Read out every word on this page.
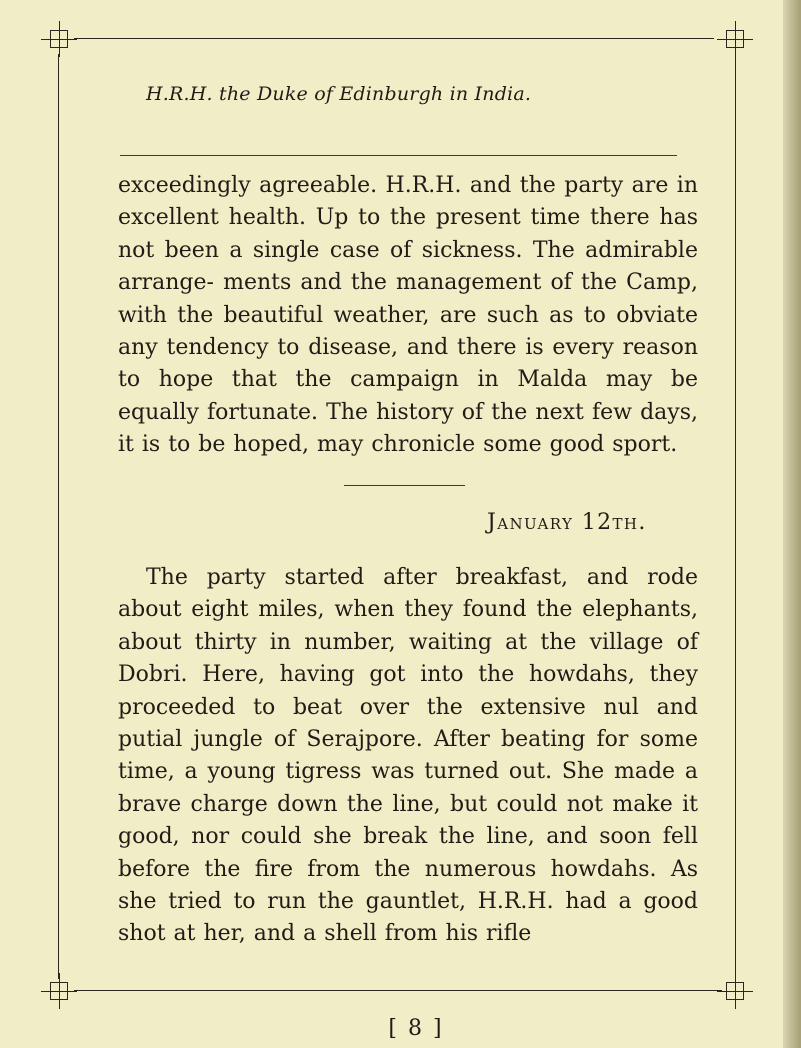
H.R.H. the Duke of Edinburgh in India.

exceedingly agreeable. H.R.H. and the party are in excellent health. Up to the present time there has not been a single case of sickness. The admirable arrange- ments and the management of the Camp, with the beautiful weather, are such as to obviate any tendency to disease, and there is every reason to hope that the campaign in Malda may be equally fortunate. The history of the next few days, it is to be hoped, may chronicle some good sport.

January 12th.

The party started after breakfast, and rode about eight miles, when they found the elephants, about thirty in number, waiting at the village of Dobri. Here, having got into the howdahs, they proceeded to beat over the extensive nul and putial jungle of Serajpore. After beating for some time, a young tigress was turned out. She made a brave charge down the line, but could not make it good, nor could she break the line, and soon fell before the fire from the numerous howdahs. As she tried to run the gauntlet, H.R.H. had a good shot at her, and a shell from his rifle

[ 8 ]
